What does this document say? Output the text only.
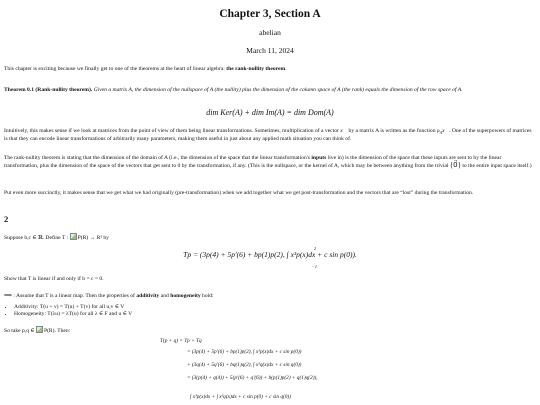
Chapter 3, Section A
abelian
March 11, 2024

This chapter is exciting because we finally get to one of the theorems at the heart of linear algebra: the rank-nullity theorem.

Theorem 0.1 (Rank-nullity theorem). Given a matrix A, the dimension of the nullspace of A (the nullity) plus the dimension of the column space of A (the rank) equals the dimension of the row space of A.

dim Ker(A) + dim Im(A) = dim Dom(A)

Intuitively, this makes sense if we look at matrices from the point of view of them being linear transformations. Sometimes, multiplication of a vector x⃗ by a matrix A is written as the function $\rho_Ax⃗$. One of the superpowers of matrices is that they can encode linear transformations of arbitrarily many parameters, making them useful in just about any applied math situation you can think of.

The rank-nullity theorem is stating that the dimension of the domain of A (i.e., the dimension of the space that the linear transformation's inputs live in) is the dimension of the space that these inputs are sent to by the linear transformation, plus the dimension of the space of the vectors that get sent to 0 by the transformation, if any. (This is the nullspace, or the kernel of A, which may be between anything from the trivial {0⃗} to the entire input space itself.)

Put even more succinctly, it makes sense that we get what we had originally (pre-transformation) when we add together what we get post-transformation and the vectors that are “lost” during the transformation.

2

Suppose b,c ∈ ℝ. Define T : P(R) → R³ by

Tp = (3p(4) + 5p′(6) + bp(1)p(2), ∫ x³p(x)dx + c sin p(0)).
2
−1

Show that T is linear if and only if b = c = 0.

⟹ : Assume that T is a linear map. Then the properties of additivity and homogeneity hold:

• Additivity: T(u + v) = T(u) + T(v) for all u,v ∈ V
• Homogeneity: T(λu) = λT(u) for all λ ∈ F and u ∈ V

So take p,q ∈ P(R). Then:

T(p + q) = Tp + Tq
= (3p(4) + 5p′(6) + bp(1)p(2), ∫ x³p(x)dx + c sin p(0))
+ (3q(4) + 5q′(6) + bq(1)q(2), ∫ x³q(x)dx + c sin q(0))
= (3(p(4) + q(4)) + 5(p′(6) + q′(6)) + b(p(1)p(2) + q(1)q(2)),
∫ x³p(x)dx + ∫ x³q(x)dx + c sin p(0) + c sin q(0))
